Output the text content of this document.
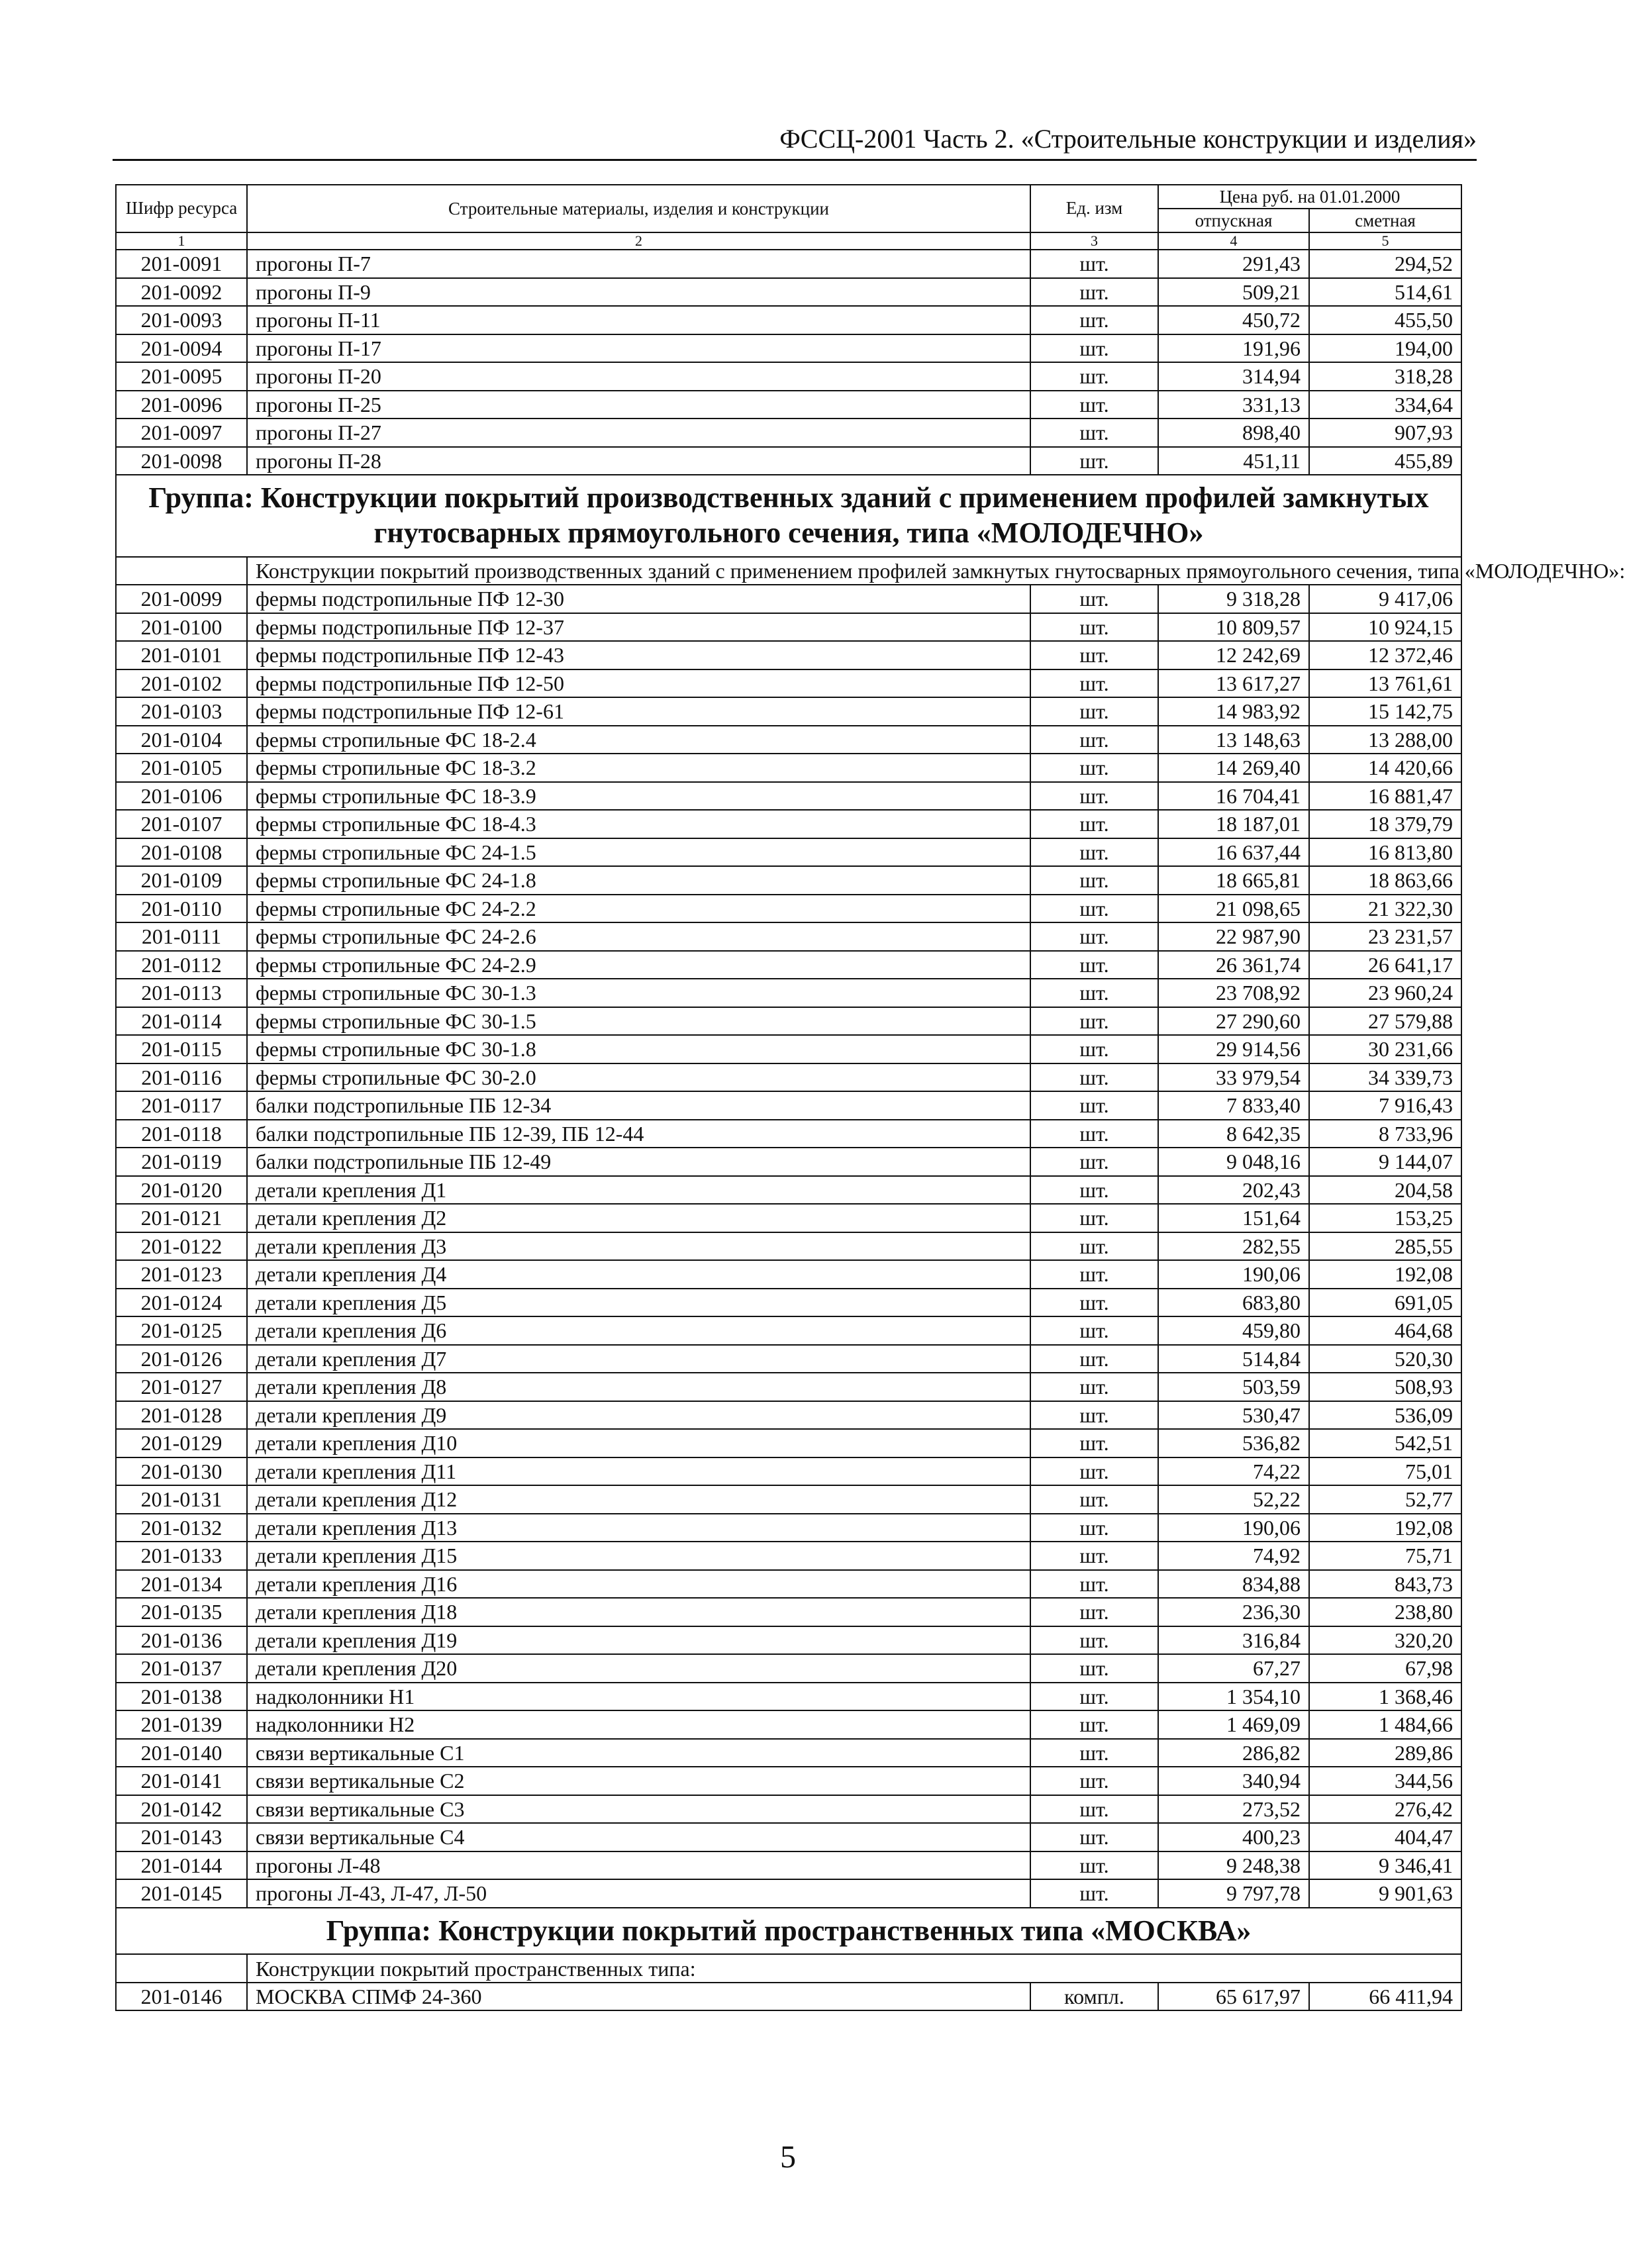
ФССЦ-2001 Часть 2. «Строительные конструкции и изделия»
Шифр ресурса	Строительные материалы, изделия и конструкции	Ед. изм	Цена руб. на 01.01.2000	
			отпускная	сметная
1	2	3	4	5
201-0091	прогоны П-7	шт.	291,43	294,52
201-0092	прогоны П-9	шт.	509,21	514,61
201-0093	прогоны П-11	шт.	450,72	455,50
201-0094	прогоны П-17	шт.	191,96	194,00
201-0095	прогоны П-20	шт.	314,94	318,28
201-0096	прогоны П-25	шт.	331,13	334,64
201-0097	прогоны П-27	шт.	898,40	907,93
201-0098	прогоны П-28	шт.	451,11	455,89
Группа: Конструкции покрытий производственных зданий с применением профилей замкнутых гнутосварных прямоугольного сечения, типа «МОЛОДЕЧНО»				
	Конструкции покрытий производственных зданий с применением профилей замкнутых гнутосварных прямоугольного сечения, типа «МОЛОДЕЧНО»:			
201-0099	фермы подстропильные ПФ 12-30	шт.	9 318,28	9 417,06
201-0100	фермы подстропильные ПФ 12-37	шт.	10 809,57	10 924,15
201-0101	фермы подстропильные ПФ 12-43	шт.	12 242,69	12 372,46
201-0102	фермы подстропильные ПФ 12-50	шт.	13 617,27	13 761,61
201-0103	фермы подстропильные ПФ 12-61	шт.	14 983,92	15 142,75
201-0104	фермы стропильные ФС 18-2.4	шт.	13 148,63	13 288,00
201-0105	фермы стропильные ФС 18-3.2	шт.	14 269,40	14 420,66
201-0106	фермы стропильные ФС 18-3.9	шт.	16 704,41	16 881,47
201-0107	фермы стропильные ФС 18-4.3	шт.	18 187,01	18 379,79
201-0108	фермы стропильные ФС 24-1.5	шт.	16 637,44	16 813,80
201-0109	фермы стропильные ФС 24-1.8	шт.	18 665,81	18 863,66
201-0110	фермы стропильные ФС 24-2.2	шт.	21 098,65	21 322,30
201-0111	фермы стропильные ФС 24-2.6	шт.	22 987,90	23 231,57
201-0112	фермы стропильные ФС 24-2.9	шт.	26 361,74	26 641,17
201-0113	фермы стропильные ФС 30-1.3	шт.	23 708,92	23 960,24
201-0114	фермы стропильные ФС 30-1.5	шт.	27 290,60	27 579,88
201-0115	фермы стропильные ФС 30-1.8	шт.	29 914,56	30 231,66
201-0116	фермы стропильные ФС 30-2.0	шт.	33 979,54	34 339,73
201-0117	балки подстропильные ПБ 12-34	шт.	7 833,40	7 916,43
201-0118	балки подстропильные ПБ 12-39, ПБ 12-44	шт.	8 642,35	8 733,96
201-0119	балки подстропильные ПБ 12-49	шт.	9 048,16	9 144,07
201-0120	детали крепления Д1	шт.	202,43	204,58
201-0121	детали крепления Д2	шт.	151,64	153,25
201-0122	детали крепления Д3	шт.	282,55	285,55
201-0123	детали крепления Д4	шт.	190,06	192,08
201-0124	детали крепления Д5	шт.	683,80	691,05
201-0125	детали крепления Д6	шт.	459,80	464,68
201-0126	детали крепления Д7	шт.	514,84	520,30
201-0127	детали крепления Д8	шт.	503,59	508,93
201-0128	детали крепления Д9	шт.	530,47	536,09
201-0129	детали крепления Д10	шт.	536,82	542,51
201-0130	детали крепления Д11	шт.	74,22	75,01
201-0131	детали крепления Д12	шт.	52,22	52,77
201-0132	детали крепления Д13	шт.	190,06	192,08
201-0133	детали крепления Д15	шт.	74,92	75,71
201-0134	детали крепления Д16	шт.	834,88	843,73
201-0135	детали крепления Д18	шт.	236,30	238,80
201-0136	детали крепления Д19	шт.	316,84	320,20
201-0137	детали крепления Д20	шт.	67,27	67,98
201-0138	надколонники Н1	шт.	1 354,10	1 368,46
201-0139	надколонники Н2	шт.	1 469,09	1 484,66
201-0140	связи вертикальные С1	шт.	286,82	289,86
201-0141	связи вертикальные С2	шт.	340,94	344,56
201-0142	связи вертикальные С3	шт.	273,52	276,42
201-0143	связи вертикальные С4	шт.	400,23	404,47
201-0144	прогоны Л-48	шт.	9 248,38	9 346,41
201-0145	прогоны Л-43, Л-47, Л-50	шт.	9 797,78	9 901,63
Группа: Конструкции покрытий пространственных типа «МОСКВА»				
	Конструкции покрытий пространственных типа:			
201-0146	МОСКВА СПМФ 24-360	компл.	65 617,97	66 411,94
5
